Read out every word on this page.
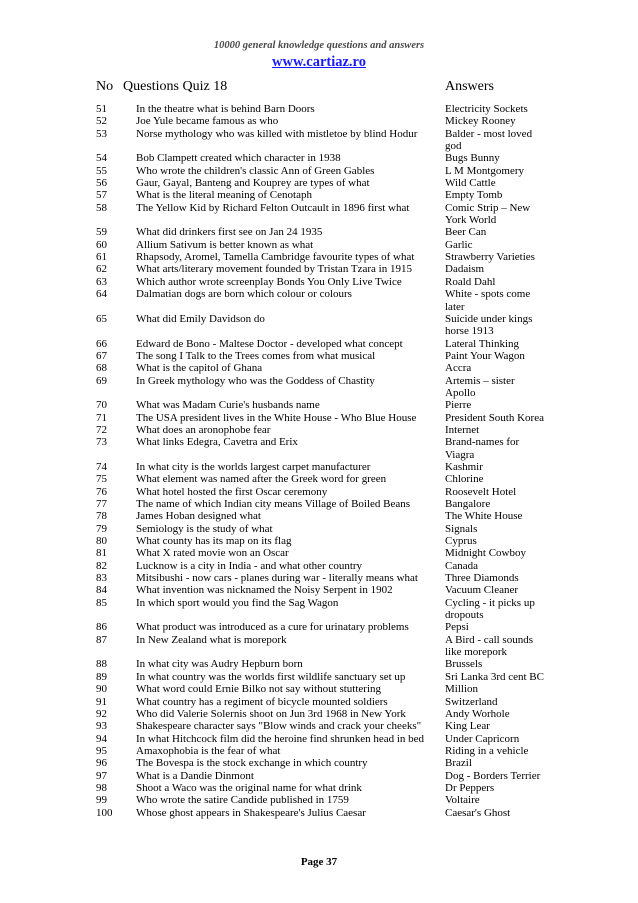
10000 general knowledge questions and answers
www.cartiaz.ro
No Questions Quiz 18	Answers
51	In the theatre what is behind Barn Doors	Electricity Sockets
52	Joe Yule became famous as who	Mickey Rooney
53	Norse mythology who was killed with mistletoe by blind Hodur	Balder - most loved god
54	Bob Clampett created which character in 1938	Bugs Bunny
55	Who wrote the children's classic Ann of Green Gables	L M Montgomery
56	Gaur, Gayal, Banteng and Kouprey are types of what	Wild Cattle
57	What is the literal meaning of Cenotaph	Empty Tomb
58	The Yellow Kid by Richard Felton Outcault in 1896 first what	Comic Strip – New York World
59	What did drinkers first see on Jan 24 1935	Beer Can
60	Allium Sativum is better known as what	Garlic
61	Rhapsody, Aromel, Tamella Cambridge favourite types of what	Strawberry Varieties
62	What arts/literary movement founded by Tristan Tzara in 1915	Dadaism
63	Which author wrote screenplay Bonds You Only Live Twice	Roald Dahl
64	Dalmatian dogs are born which colour or colours	White - spots come later
65	What did Emily Davidson do	Suicide under kings horse 1913
66	Edward de Bono - Maltese Doctor - developed what concept	Lateral Thinking
67	The song I Talk to the Trees comes from what musical	Paint Your Wagon
68	What is the capitol of Ghana	Accra
69	In Greek mythology who was the Goddess of Chastity	Artemis – sister Apollo
70	What was Madam Curie's husbands name	Pierre
71	The USA president lives in the White House - Who Blue House	President South Korea
72	What does an aronophobe fear	Internet
73	What links Edegra, Cavetra and Erix	Brand-names for Viagra
74	In what city is the worlds largest carpet manufacturer	Kashmir
75	What element was named after the Greek word for green	Chlorine
76	What hotel hosted the first Oscar ceremony	Roosevelt Hotel
77	The name of which Indian city means Village of Boiled Beans	Bangalore
78	James Hoban designed what	The White House
79	Semiology is the study of what	Signals
80	What county has its map on its flag	Cyprus
81	What X rated movie won an Oscar	Midnight Cowboy
82	Lucknow is a city in India - and what other country	Canada
83	Mitsibushi - now cars - planes during war - literally means what	Three Diamonds
84	What invention was nicknamed the Noisy Serpent in 1902	Vacuum Cleaner
85	In which sport would you find the Sag Wagon	Cycling - it picks up dropouts
86	What product was introduced as a cure for urinatary problems	Pepsi
87	In New Zealand what is morepork	A Bird - call sounds like morepork
88	In what city was Audry Hepburn born	Brussels
89	In what country was the worlds first wildlife sanctuary set up	Sri Lanka 3rd cent BC
90	What word could Ernie Bilko not say without stuttering	Million
91	What country has a regiment of bicycle mounted soldiers	Switzerland
92	Who did Valerie Solernis shoot on Jun 3rd 1968 in New York	Andy Worhole
93	Shakespeare character says "Blow winds and crack your cheeks"	King Lear
94	In what Hitchcock film did the heroine find shrunken head in bed	Under Capricorn
95	Amaxophobia is the fear of what	Riding in a vehicle
96	The Bovespa is the stock exchange in which country	Brazil
97	What is a Dandie Dinmont	Dog - Borders Terrier
98	Shoot a Waco was the original name for what drink	Dr Peppers
99	Who wrote the satire Candide published in 1759	Voltaire
100 Whose ghost appears in Shakespeare's Julius Caesar	Caesar's Ghost
Page 37
